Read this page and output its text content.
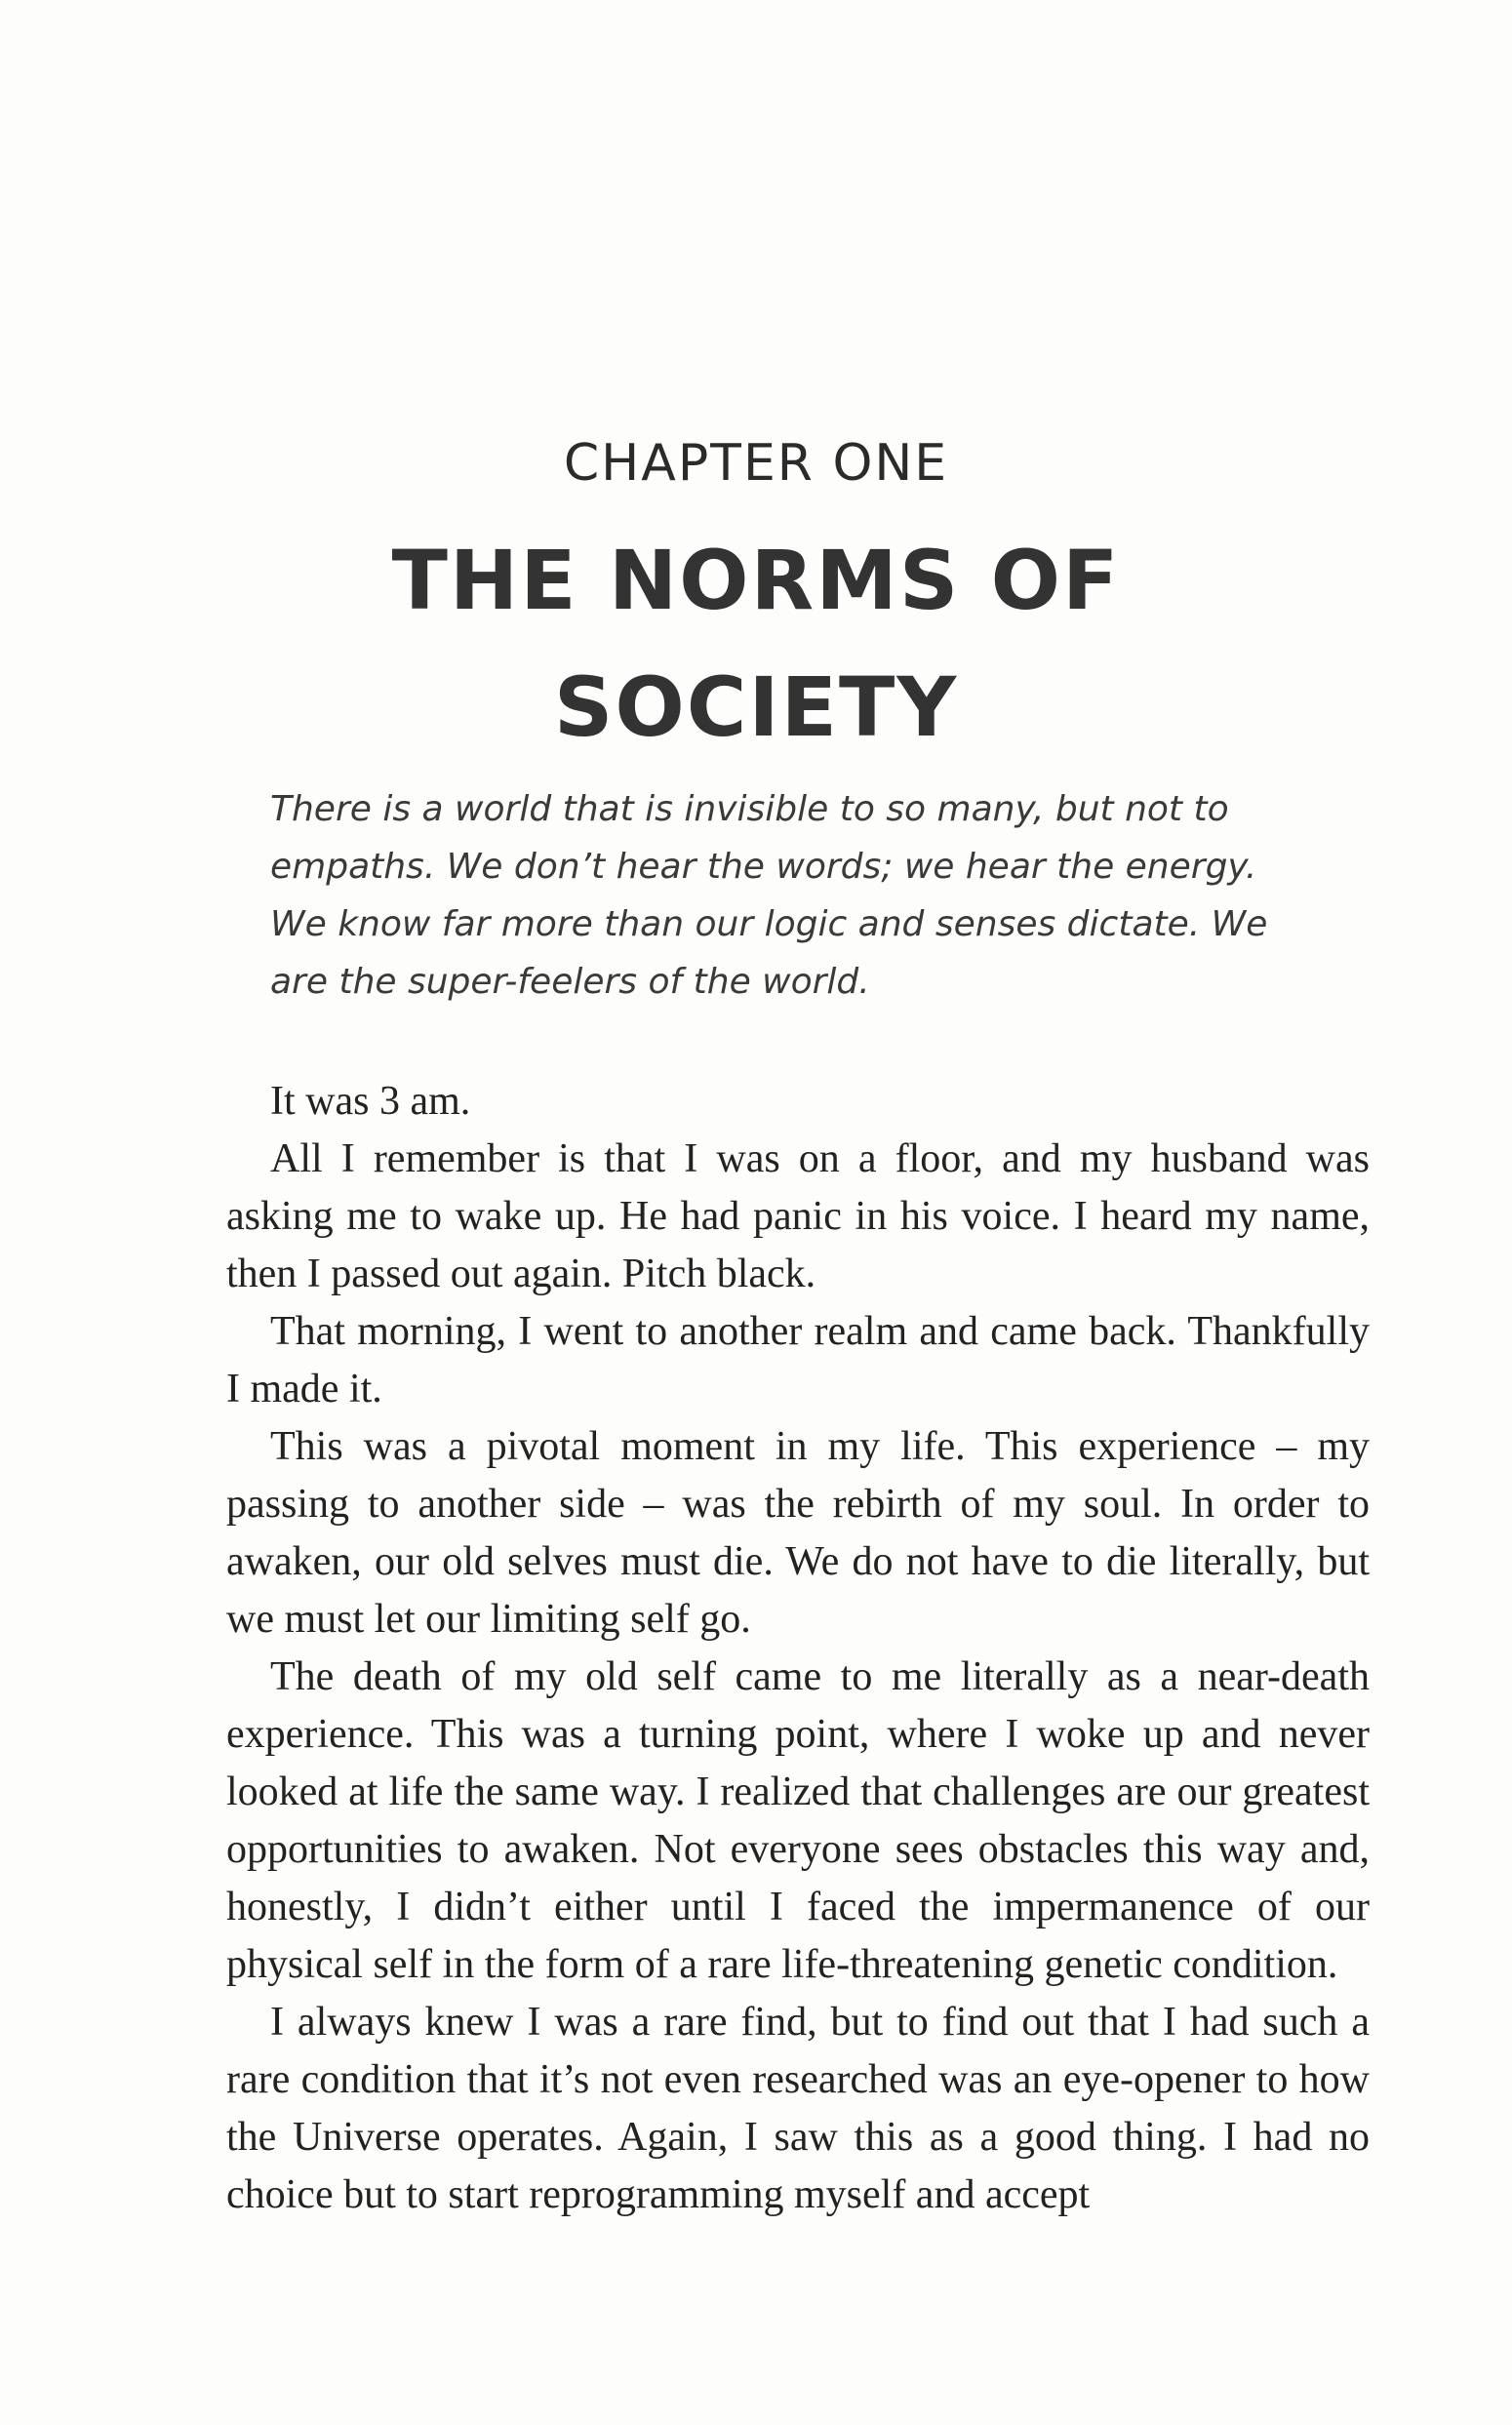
CHAPTER ONE
THE NORMS OF
SOCIETY

There is a world that is invisible to so many, but not to empaths. We don’t hear the words; we hear the energy. We know far more than our logic and senses dictate. We are the super-feelers of the world.

It was 3 am.

All I remember is that I was on a floor, and my husband was asking me to wake up. He had panic in his voice. I heard my name, then I passed out again. Pitch black.

That morning, I went to another realm and came back. Thankfully I made it.

This was a pivotal moment in my life. This experience – my passing to another side – was the rebirth of my soul. In order to awaken, our old selves must die. We do not have to die literally, but we must let our limiting self go.

The death of my old self came to me literally as a near-death experience. This was a turning point, where I woke up and never looked at life the same way. I realized that challenges are our greatest opportunities to awaken. Not everyone sees obstacles this way and, honestly, I didn’t either until I faced the impermanence of our physical self in the form of a rare life-threatening genetic condition.

I always knew I was a rare find, but to find out that I had such a rare condition that it’s not even researched was an eye-opener to how the Universe operates. Again, I saw this as a good thing. I had no choice but to start reprogramming myself and accept
